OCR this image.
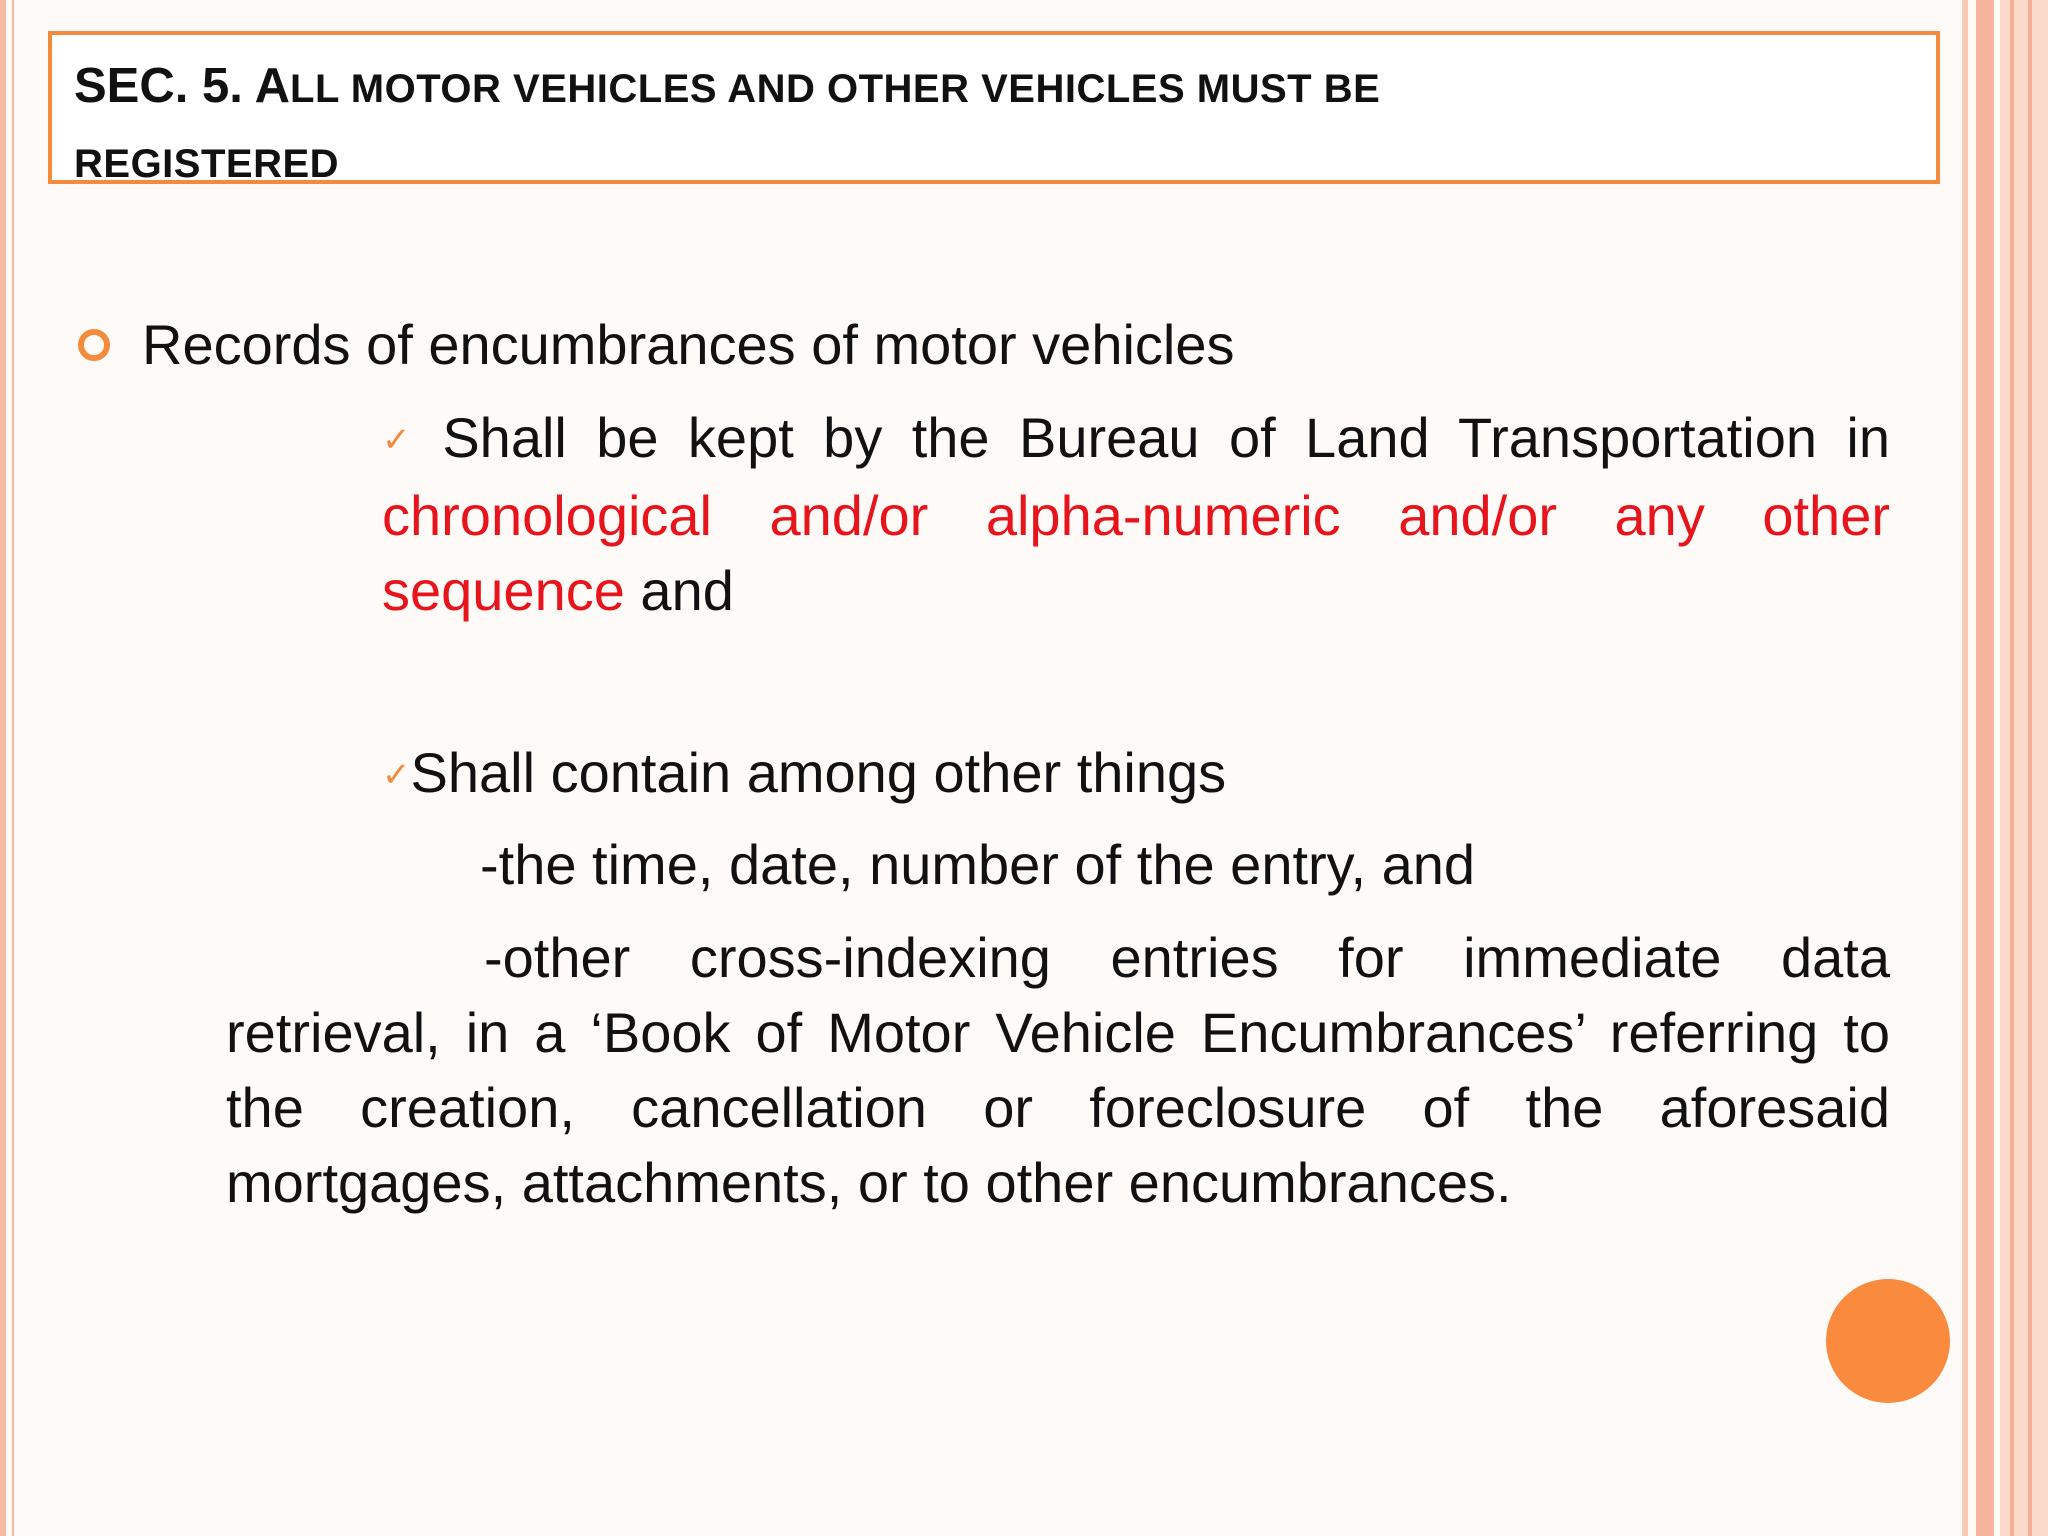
SEC. 5. ALL MOTOR VEHICLES AND OTHER VEHICLES MUST BE
REGISTERED
Records of encumbrances of motor vehicles
✓ Shall be kept by the Bureau of Land Transportation in chronological and/or alpha-numeric and/or any other sequence and
✓Shall contain among other things
-the time, date, number of the entry, and
-other cross-indexing entries for immediate data retrieval, in a ‘Book of Motor Vehicle Encumbrances’ referring to the creation, cancellation or foreclosure of the aforesaid mortgages, attachments, or to other encumbrances.
